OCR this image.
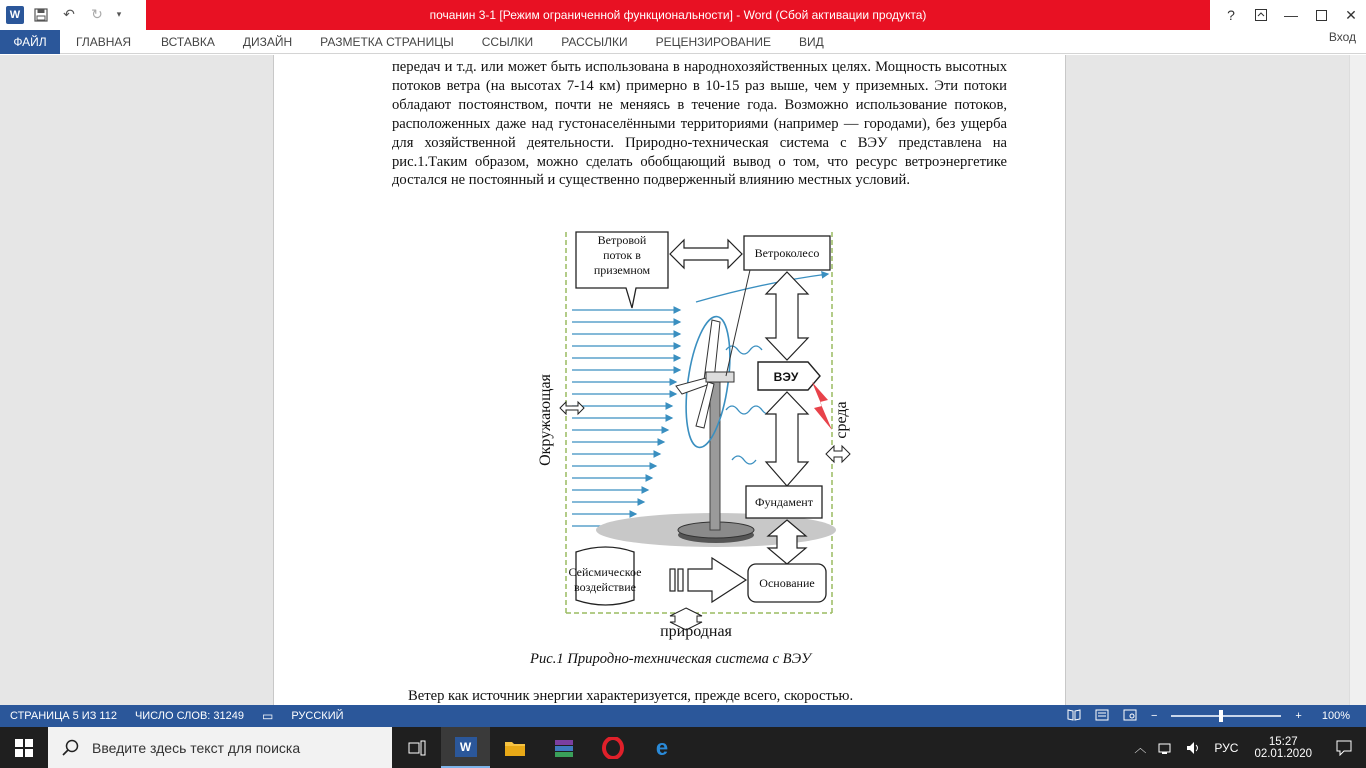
W	↶	↻	▾	почанин 3-1 [Режим ограниченной функциональности] - Word (Сбой активации продукта)	?	—	✕
ФАЙЛ	ГЛАВНАЯ	ВСТАВКА	ДИЗАЙН	РАЗМЕТКА СТРАНИЦЫ	ССЫЛКИ	РАССЫЛКИ	РЕЦЕНЗИРОВАНИЕ	ВИД	Вход

передач и т.д. или может быть использована в народнохозяйственных целях. Мощность высотных потоков ветра (на высотах 7-14 км) примерно в 10-15 раз выше, чем у приземных. Эти потоки обладают постоянством, почти не меняясь в течение года. Возможно использование потоков, расположенных даже над густонаселёнными территориями (например — городами), без ущерба для хозяйственной деятельности. Природно-техническая система с ВЭУ представлена на рис.1.Таким образом, можно сделать обобщающий вывод о том, что ресурс ветроэнергетике достался не постоянный и существенно подверженный влиянию местных условий.

Ветровой
поток в
приземном
Ветроколесо
ВЭУ
Фундамент
Сейсмическое
воздействие	Основание
Окружающая	среда
природная
Рис.1 Природно-техническая система с ВЭУ
Ветер как источник энергии характеризуется, прежде всего, скоростью.
СТРАНИЦА 5 ИЗ 112 ЧИСЛО СЛОВ: 31249 ▭ РУССКИЙ	−	+ 100%
Введите здесь текст для поиска	W	e	︿	РУС	15:27
02.01.2020
